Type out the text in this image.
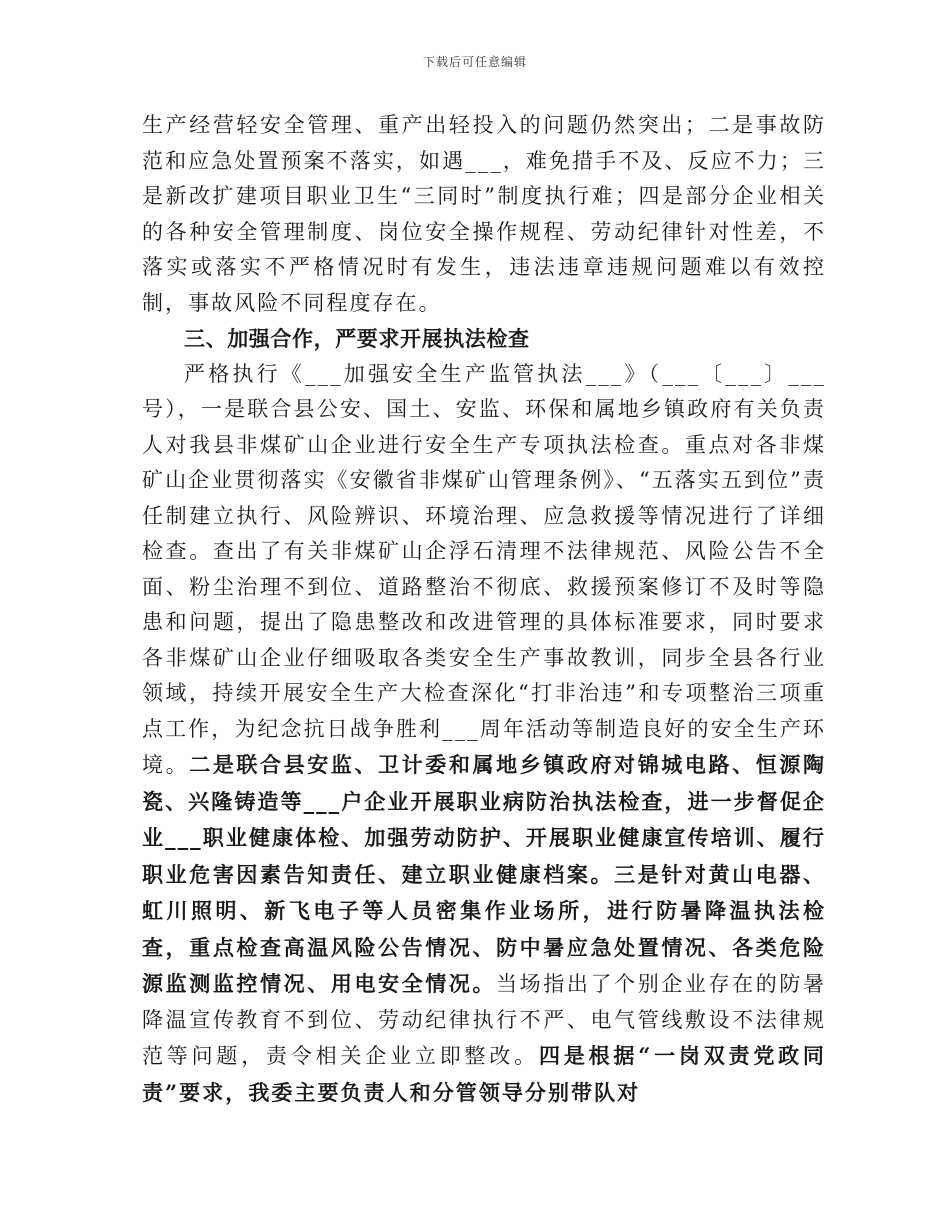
下载后可任意编辑

生产经营轻安全管理、重产出轻投入的问题仍然突出；二是事故防范和应急处置预案不落实，如遇___，难免措手不及、反应不力；三是新改扩建项目职业卫生“三同时”制度执行难；四是部分企业相关的各种安全管理制度、岗位安全操作规程、劳动纪律针对性差，不落实或落实不严格情况时有发生，违法违章违规问题难以有效控制，事故风险不同程度存在。

三、加强合作，严要求开展执法检查

严格执行《___加强安全生产监管执法___》（___〔___〕___号），一是联合县公安、国土、安监、环保和属地乡镇政府有关负责人对我县非煤矿山企业进行安全生产专项执法检查。重点对各非煤矿山企业贯彻落实《安徽省非煤矿山管理条例》、“五落实五到位”责任制建立执行、风险辨识、环境治理、应急救援等情况进行了详细检查。查出了有关非煤矿山企浮石清理不法律规范、风险公告不全面、粉尘治理不到位、道路整治不彻底、救援预案修订不及时等隐患和问题，提出了隐患整改和改进管理的具体标准要求，同时要求各非煤矿山企业仔细吸取各类安全生产事故教训，同步全县各行业领域，持续开展安全生产大检查深化“打非治违”和专项整治三项重点工作，为纪念抗日战争胜利___周年活动等制造良好的安全生产环境。二是联合县安监、卫计委和属地乡镇政府对锦城电路、恒源陶瓷、兴隆铸造等___户企业开展职业病防治执法检查，进一步督促企业___职业健康体检、加强劳动防护、开展职业健康宣传培训、履行职业危害因素告知责任、建立职业健康档案。三是针对黄山电器、虹川照明、新飞电子等人员密集作业场所，进行防暑降温执法检查，重点检查高温风险公告情况、防中暑应急处置情况、各类危险源监测监控情况、用电安全情况。当场指出了个别企业存在的防暑降温宣传教育不到位、劳动纪律执行不严、电气管线敷设不法律规范等问题，责令相关企业立即整改。四是根据“一岗双责党政同责”要求，我委主要负责人和分管领导分别带队对
